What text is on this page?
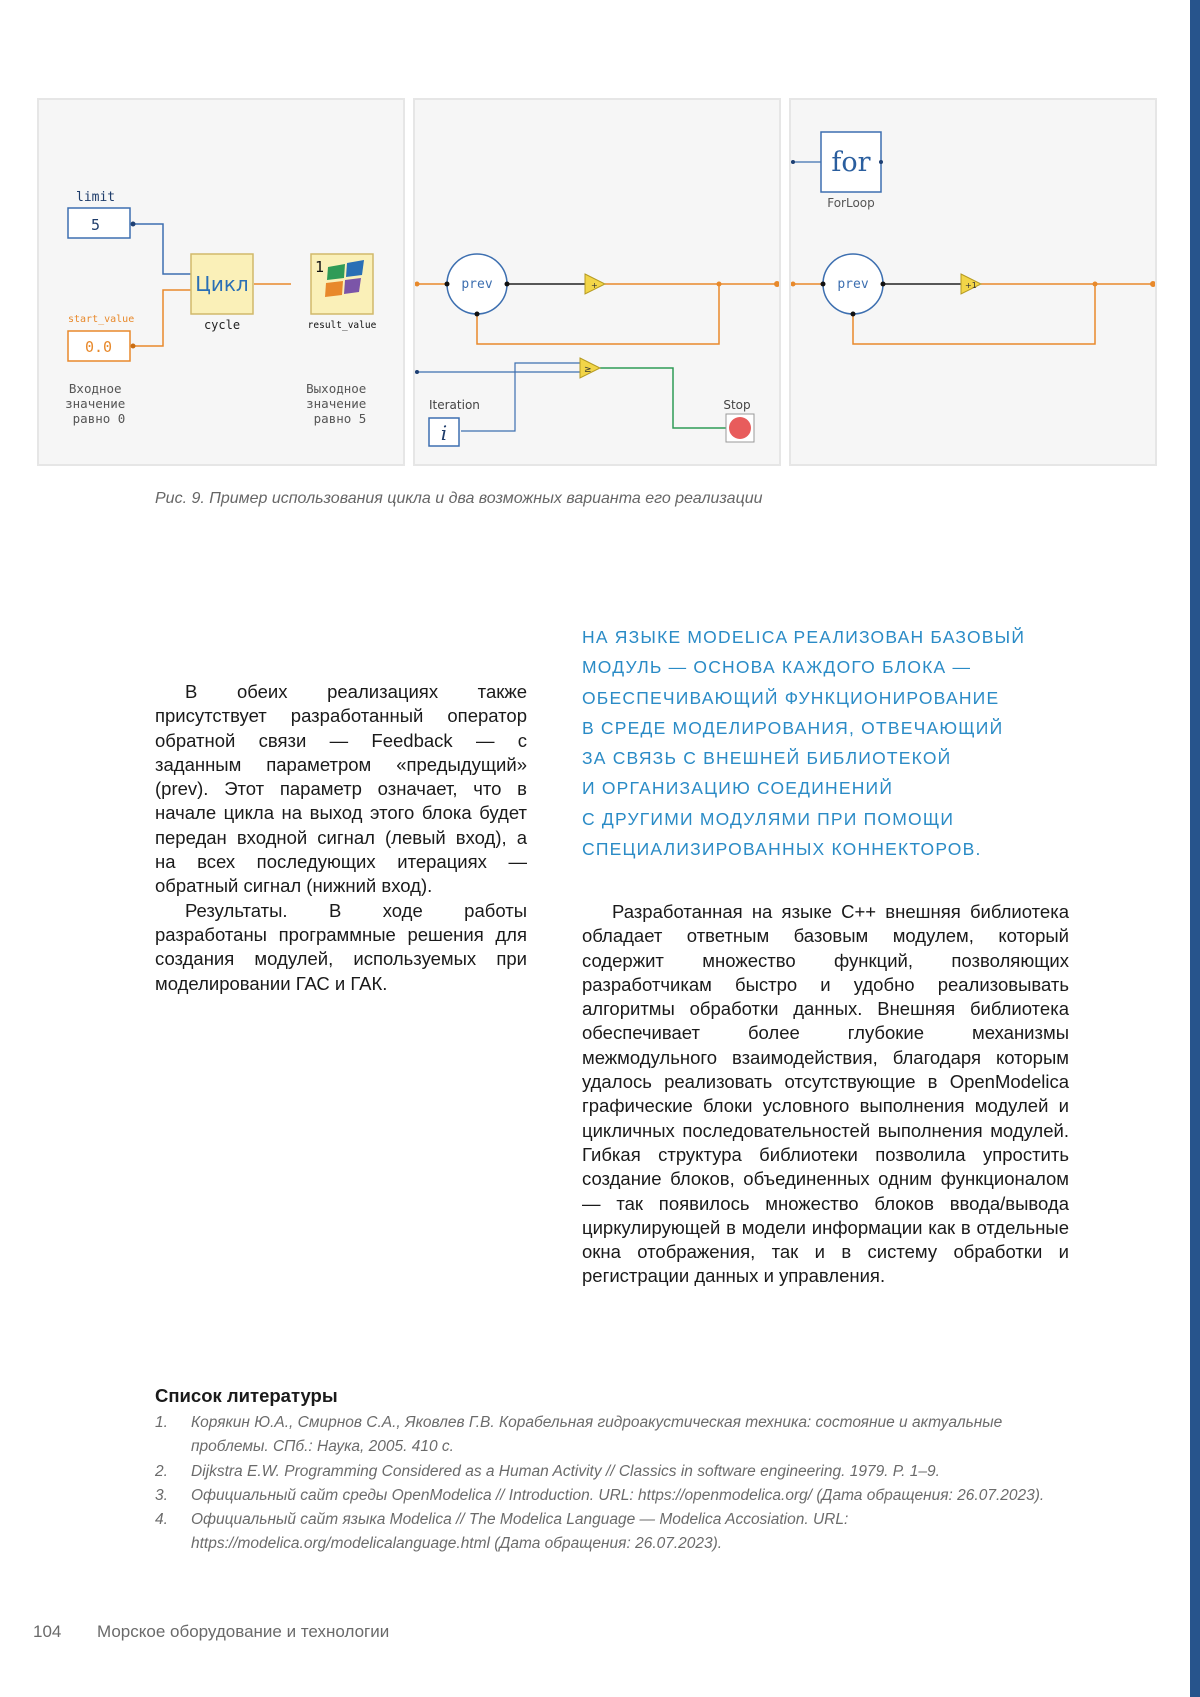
limit
5
start_value
0.0
Цикл
cycle
1
result_value
Входное значение равно 0
Выходное значение равно 5
prev	+
≥
Iteration
i
Stop
for
ForLoop
prev	+1
Рис. 9. Пример использования цикла и два возможных варианта его реализации
НА ЯЗЫКЕ MODELICA РЕАЛИЗОВАН БАЗОВЫЙ
МОДУЛЬ — ОСНОВА КАЖДОГО БЛОКА —
ОБЕСПЕЧИВАЮЩИЙ ФУНКЦИОНИРОВАНИЕ
В СРЕДЕ МОДЕЛИРОВАНИЯ, ОТВЕЧАЮЩИЙ
ЗА СВЯЗЬ С ВНЕШНЕЙ БИБЛИОТЕКОЙ
И ОРГАНИЗАЦИЮ СОЕДИНЕНИЙ
С ДРУГИМИ МОДУЛЯМИ ПРИ ПОМОЩИ
СПЕЦИАЛИЗИРОВАННЫХ КОННЕКТОРОВ.

В обеих реализациях также присутствует разработанный оператор обратной связи — Feedback — с заданным параметром «предыдущий» (prev). Этот параметр означает, что в начале цикла на выход этого блока будет передан входной сигнал (левый вход), а на всех последующих итерациях — обратный сигнал (нижний вход).

Результаты. В ходе работы разработаны программные решения для создания модулей, используемых при моделировании ГАС и ГАК.

Разработанная на языке С++ внешняя библиотека обладает ответным базовым модулем, который содержит множество функций, позволяющих разработчикам быстро и удобно реализовывать алгоритмы обработки данных. Внешняя библиотека обеспечивает более глубокие механизмы межмодульного взаимодействия, благодаря которым удалось реализовать отсутствующие в OpenModelica графические блоки условного выполнения модулей и цикличных последовательностей выполнения модулей. Гибкая структура библиотеки позволила упростить создание блоков, объединенных одним функционалом — так появилось множество блоков ввода/вывода циркулирующей в модели информации как в отдельные окна отображения, так и в систему обработки и регистрации данных и управления.

Список литературы
1. Корякин Ю.А., Смирнов С.А., Яковлев Г.В. Корабельная гидроакустическая техника: состояние и актуальные проблемы. СПб.: Наука, 2005. 410 с.
2. Dijkstra E.W. Programming Considered as a Human Activity // Classics in software engineering. 1979. P. 1–9.
3. Официальный сайт среды OpenModelica // Introduction. URL: https://openmodelica.org/ (Дата обращения: 26.07.2023).
4. Официальный сайт языка Modelica // The Modelica Language — Modelica Accosiation. URL: https://modelica.org/modelicalanguage.html (Дата обращения: 26.07.2023).
104 Морское оборудование и технологии
